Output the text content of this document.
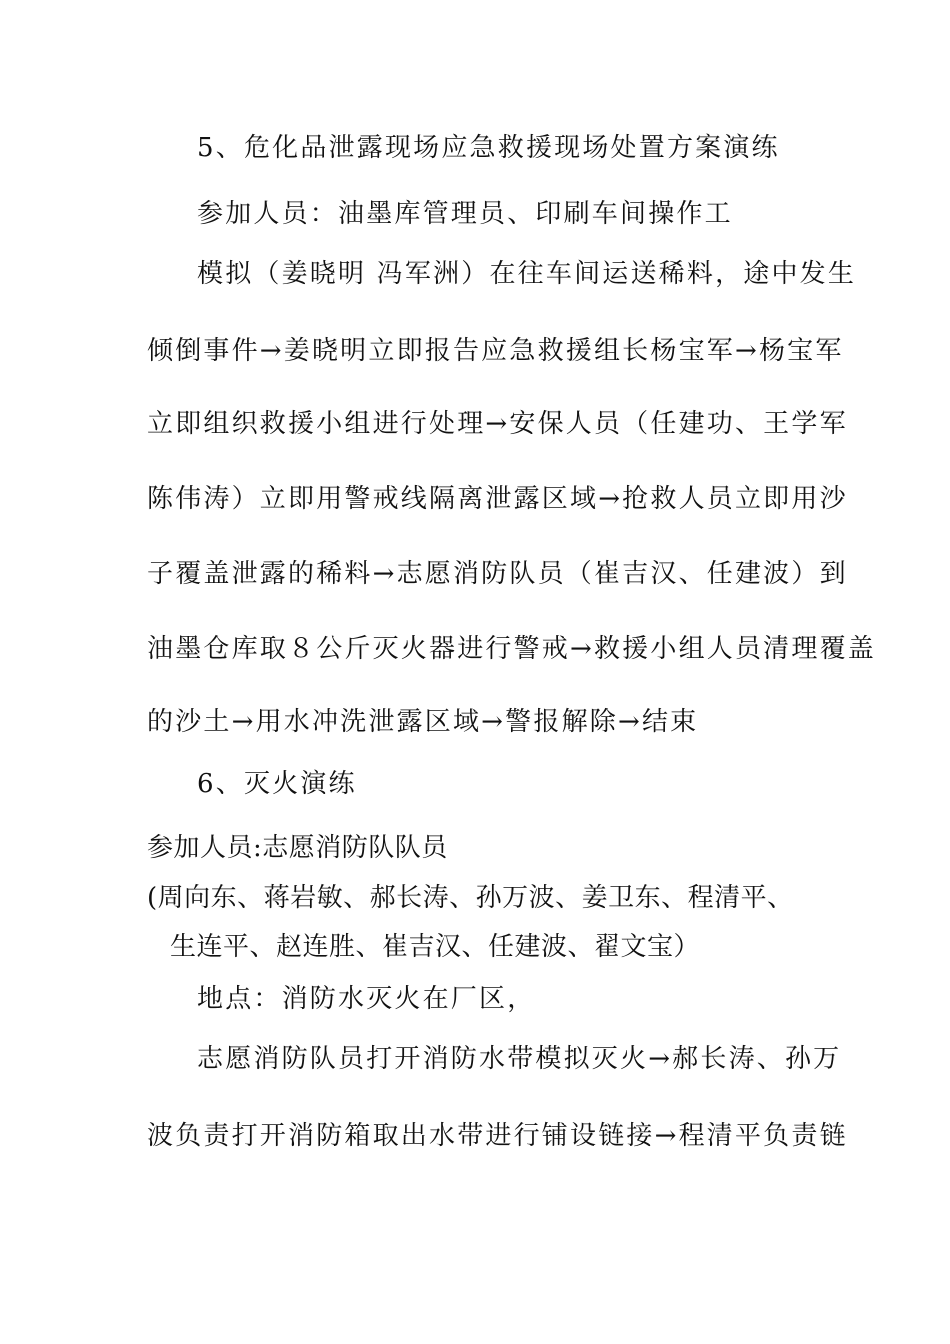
5、危化品泄露现场应急救援现场处置方案演练
参加人员：油墨库管理员、印刷车间操作工
模拟（姜晓明 冯军洲）在往车间运送稀料，途中发生
倾倒事件→姜晓明立即报告应急救援组长杨宝军→杨宝军
立即组织救援小组进行处理→安保人员（任建功、王学军
陈伟涛）立即用警戒线隔离泄露区域→抢救人员立即用沙
子覆盖泄露的稀料→志愿消防队员（崔吉汉、任建波）到
油墨仓库取８公斤灭火器进行警戒→救援小组人员清理覆盖
的沙土→用水冲洗泄露区域→警报解除→结束
6、灭火演练
参加人员:志愿消防队队员
(周向东、蒋岩敏、郝长涛、孙万波、姜卫东、程清平、
生连平、赵连胜、崔吉汉、任建波、翟文宝）
地点：消防水灭火在厂区，
志愿消防队员打开消防水带模拟灭火→郝长涛、孙万
波负责打开消防箱取出水带进行铺设链接→程清平负责链
